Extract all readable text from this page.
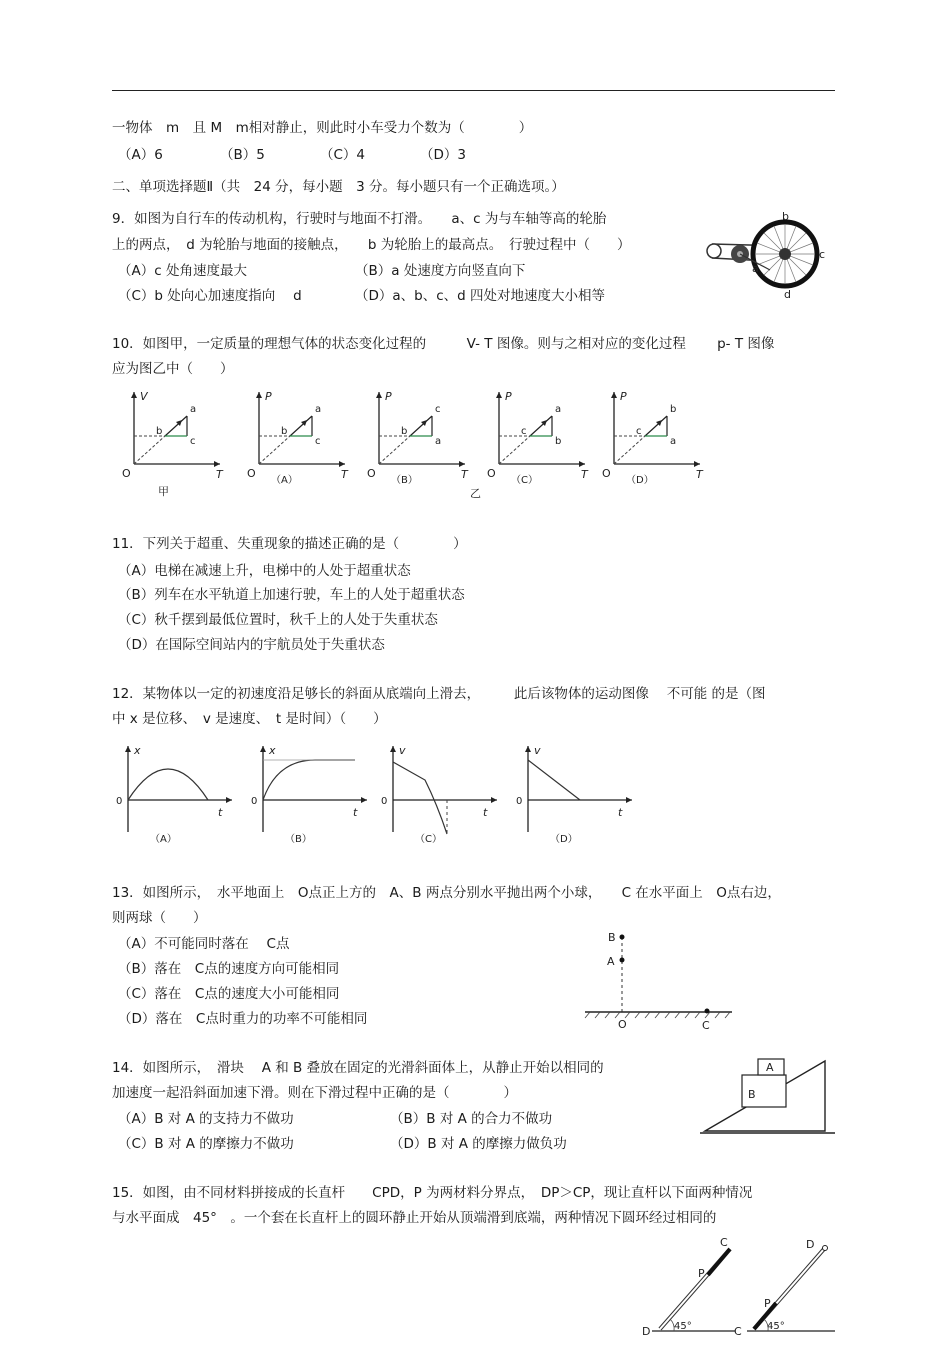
一物体　m　且 M　m相对静止，则此时小车受力个数为（　　　　）
（A）6	（B）5	（C）4	（D）3
二、单项选择题Ⅱ（共　24 分，每小题　3 分。每小题只有一个正确选项。）
9．如图为自行车的传动机构，行驶时与地面不打滑。　　a、c 为与车轴等高的轮胎
上的两点，　d 为轮胎与地面的接触点，　　b 为轮胎上的最高点。　行驶过程中（　　）
（A）c 处角速度最大	（B）a 处速度方向竖直向下
（C）b 处向心加速度指向　 d	（D）a、b、c、d 四处对地速度大小相等
b
c
a
d
10．如图甲，一定质量的理想气体的状态变化过程的　　　V- T 图像。则与之相对应的变化过程　　 p- T 图像
应为图乙中（　　）
V
O	T
a
b
c
P
O	T
a
b
c
（A）
P
O	T
c
b
a
（B）
P
O	T
a
c
b
（C）
P
O	T
b
c
a
（D）
甲	乙
11．下列关于超重、失重现象的描述正确的是（　　　　）
（A）电梯在减速上升，电梯中的人处于超重状态
（B）列车在水平轨道上加速行驶，车上的人处于超重状态
（C）秋千摆到最低位置时，秋千上的人处于失重状态
（D）在国际空间站内的宇航员处于失重状态
12．某物体以一定的初速度沿足够长的斜面从底端向上滑去，　　　此后该物体的运动图像　 不可能 的是（图
中 x 是位移、　v 是速度、　t 是时间）（　　）
x
0
t
（A）
x
0
t
（B）
v
0
t
（C）
v
0
t
（D）
13．如图所示，　水平地面上　O点正上方的　A、B 两点分别水平抛出两个小球，　　C 在水平面上　O点右边，
则两球（　　）
（A）不可能同时落在　 C点
（B）落在　C点的速度方向可能相同
（C）落在　C点的速度大小可能相同
（D）落在　C点时重力的功率不可能相同
B
A
O	C
14．如图所示，　滑块　 A 和 B 叠放在固定的光滑斜面体上，从静止开始以相同的
加速度一起沿斜面加速下滑。则在下滑过程中正确的是（　　　　）
（A）B 对 A 的支持力不做功	（B）B 对 A 的合力不做功
（C）B 对 A 的摩擦力不做功	（D）B 对 A 的摩擦力做负功
A
B
15．如图，由不同材料拼接成的长直杆　　CPD，P 为两材料分界点，　DP＞CP，现让直杆以下面两种情况
与水平面成　45°　。一个套在长直杆上的圆环静止开始从顶端滑到底端，两种情况下圆环经过相同的
C
P
D 45°
D
P
C	45°
